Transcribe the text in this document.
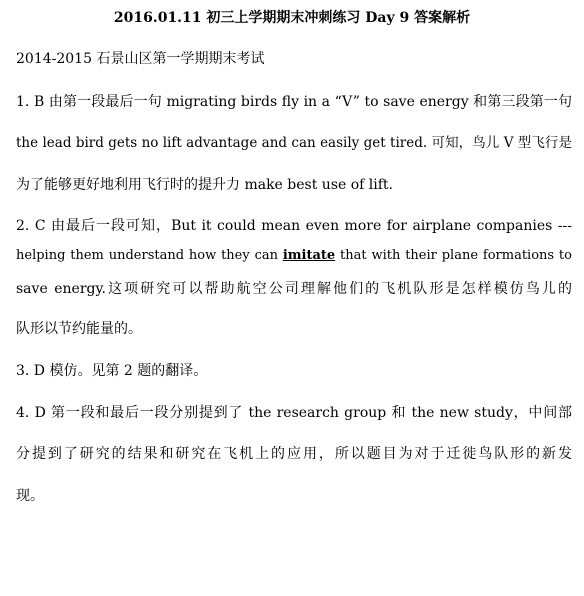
2016.01.11 初三上学期期末冲刺练习 Day 9 答案解析
2014-2015 石景山区第一学期期末考试
1. B 由第一段最后一句 migrating birds fly in a “V” to save energy 和第三段第一句
the lead bird gets no lift advantage and can easily get tired. 可知，鸟儿 V 型飞行是
为了能够更好地利用飞行时的提升力 make best use of lift.
2. C 由最后一段可知，But it could mean even more for airplane companies ---
helping them understand how they can imitate that with their plane formations to
save energy.这项研究可以帮助航空公司理解他们的飞机队形是怎样模仿鸟儿的
队形以节约能量的。
3. D 模仿。见第 2 题的翻译。
4. D 第一段和最后一段分别提到了 the research group 和 the new study，中间部
分提到了研究的结果和研究在飞机上的应用，所以题目为对于迁徙鸟队形的新发
现。
